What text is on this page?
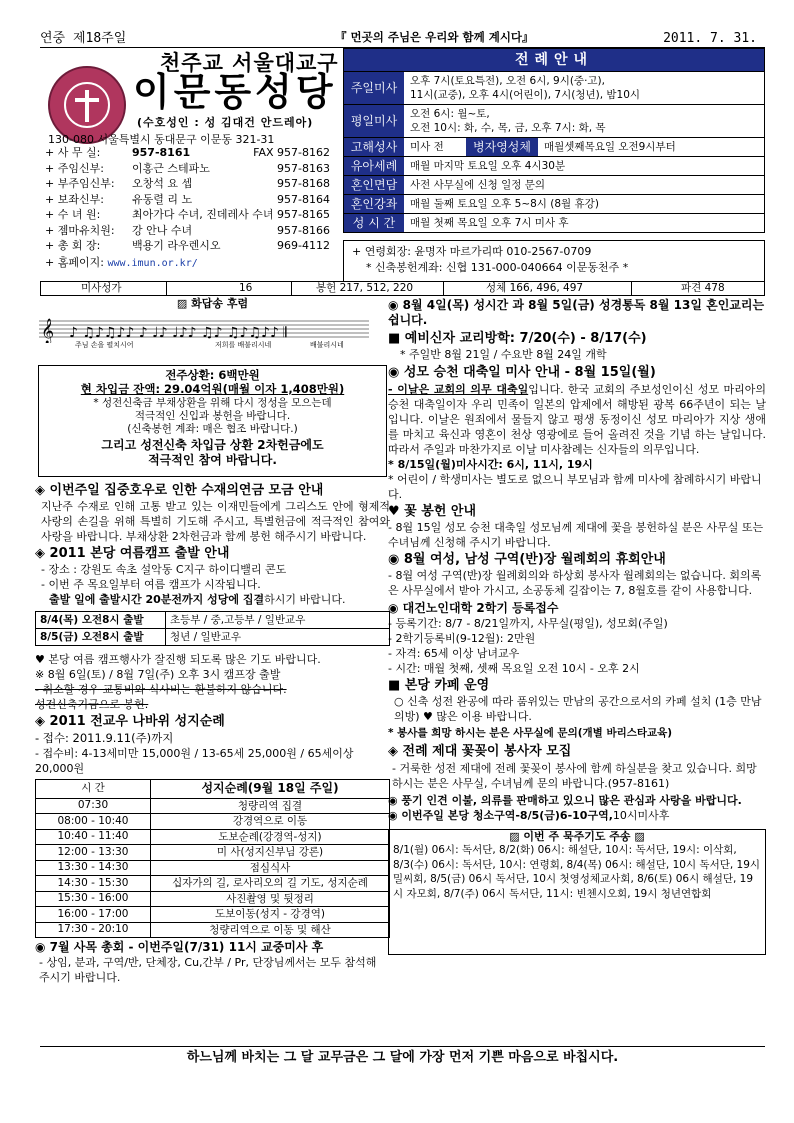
연중 제18주일	『 먼곳의 주님은 우리와 함께 계시다』	2011. 7. 31.
천주교 서울대교구
이문동성당
(수호성인 : 성 김대건 안드레아)
130-080 서울특별시 동대문구 이문동 321-31
+ 사 무 실:	957-8161	FAX 957-8162
+ 주임신부:	이홍근 스테파노	957-8163
+ 부주임신부: 오창석 요 셉	957-8168
+ 보좌신부:	유동렬 리 노	957-8164
+ 수 녀 원:	최아가다 수녀, 진데레사 수녀 957-8165
+ 젬마유치원: 강 안나 수녀	957-8166
+ 총 회 장:	백용기 라우렌시오	969-4112
+ 홈페이지: www.imun.or.kr/
전례안내
주일미사	오후 7시(토요특전), 오전 6시, 9시(중·고),
11시(교중), 오후 4시(어린이), 7시(청년), 밤10시
평일미사	오전 6시: 월~토,
오전 10시: 화, 수, 목, 금, 오후 7시: 화, 목
고해성사	미사 전	병자영성체	매월셋째목요일 오전9시부터
유아세례	매월 마지막 토요일 오후 4시30분
혼인면담	사전 사무실에 신청 일정 문의
혼인강좌	매월 둘째 토요일 오후 5~8시 (8월 휴강)
성 시 간	매월 첫째 목요일 오후 7시 미사 후
+ 연령회장: 윤명자 마르가리따 010-2567-0709
* 신축봉헌계좌: 신협 131-000-040664 이문동천주 *
미사성가	16	봉헌 217, 512, 220	성체 166, 496, 497	파견 478
▨ 화답송 후렴
𝄞 ♪ ♫♪♫♪♪ ♪ ♩♪ ♩♪♪ ♫♪ ♫♪♫♪♪ 𝄂
주님 손을 펼치시어	저희를 배불리시네	배불리시네
전주상환: 6백만원
현 차입금 잔액: 29.04억원(매월 이자 1,408만원)
* 성전신축금 부채상환을 위해 다시 정성을 모으는데
적극적인 신입과 봉헌을 바랍니다.
(신축봉헌 계좌: 매은 협조 바랍니다.)
그리고 성전신축 차입금 상환 2차헌금에도
적극적인 참여 바랍니다.
◈ 이번주일 집중호우로 인한 수재의연금 모금 안내
지난주 수재로 인해 고통 받고 있는 이재민들에게 그리스도 안에 형제적 사랑의 손길을 위해 특별히 기도해 주시고, 특별헌금에 적극적인 참여와 사랑을 바랍니다. 부채상환 2차헌금과 함께 봉헌 해주시기 바랍니다.
◈ 2011 본당 여름캠프 출발 안내
- 장소 : 강원도 속초 설악동 C지구 하이디밸리 콘도
- 이번 주 목요일부터 여름 캠프가 시작됩니다.
출발 일에 출발시간 20분전까지 성당에 집결하시기 바랍니다.
8/4(목) 오전8시 출발	초등부 / 중,고등부 / 일반교우
8/5(금) 오전8시 출발	청년 / 일반교우
♥ 본당 여름 캠프행사가 잘진행 되도록 많은 기도 바랍니다.
※ 8월 6일(토) / 8월 7일(주) 오후 3시 캠프장 출발
- 취소할 경우 교통비와 식사비는 환불하지 않습니다.
성전신축기금으로 봉헌.
◈ 2011 전교우 나바위 성지순례
- 접수: 2011.9.11(주)까지
- 접수비: 4-13세미만 15,000원 / 13-65세 25,000원 / 65세이상 20,000원
시 간	성지순례(9월 18일 주일)
07:30	청량리역 집결
08:00 - 10:40	강경역으로 이동
10:40 - 11:40	도보순례(강경역-성지)
12:00 - 13:30	미 사(성지신부님 강론)
13:30 - 14:30	점심식사
14:30 - 15:30	십자가의 길, 로사리오의 길 기도, 성지순례
15:30 - 16:00	사진촬영 및 뒷정리
16:00 - 17:00	도보이동(성지 - 강경역)
17:30 - 20:10	청량리역으로 이동 및 해산
◉ 7월 사목 총회 - 이번주일(7/31) 11시 교중미사 후
- 상임, 분과, 구역/반, 단체장, Cu,간부 / Pr, 단장님께서는 모두 참석해 주시기 바랍니다.
◉ 8월 4일(목) 성시간 과 8월 5일(금) 성경통독 8월 13일 혼인교리는 쉽니다.
■ 예비신자 교리방학: 7/20(수) - 8/17(수)
* 주일반 8월 21일 / 수요반 8월 24일 개학
◉ 성모 승천 대축일 미사 안내 - 8월 15일(월)
- 이날은 교회의 의무 대축일입니다. 한국 교회의 주보성인이신 성모 마리아의 승천 대축일이자 우리 민족이 일본의 압제에서 해방된 광복 66주년이 되는 날입니다. 이날은 원죄에서 물들지 않고 평생 동정이신 성모 마리아가 지상 생애를 마치고 육신과 영혼이 천상 영광에로 들어 올려진 것을 기념 하는 날입니다. 따라서 주일과 마찬가지로 이날 미사참례는 신자들의 의무입니다.
* 8/15일(월)미사시간: 6시, 11시, 19시
* 어린이 / 학생미사는 별도로 없으니 부모님과 함께 미사에 참례하시기 바랍니다.
♥ 꽃 봉헌 안내
- 8월 15일 성모 승천 대축일 성모님께 제대에 꽃을 봉헌하실 분은 사무실 또는 수녀님께 신청해 주시기 바랍니다.
◉ 8월 여성, 남성 구역(반)장 월례회의 휴회안내
- 8월 여성 구역(반)장 월례회의와 하상회 봉사자 월례회의는 없습니다. 회의록은 사무실에서 받아 가시고, 소공동체 길잡이는 7, 8월호를 같이 사용합니다.
◉ 대건노인대학 2학기 등록접수
- 등록기간: 8/7 - 8/21일까지, 사무실(평일), 성모회(주일)
- 2학기등록비(9-12월): 2만원
- 자격: 65세 이상 남녀교우
- 시간: 매월 첫째, 셋째 목요일 오전 10시 - 오후 2시
■ 본당 카페 운영
○ 신축 성전 완공에 따라 품위있는 만남의 공간으로서의 카페 설치 (1층 만남의방) ♥ 많은 이용 바랍니다.
* 봉사를 희망 하시는 분은 사무실에 문의(개별 바리스타교육)
◈ 전례 제대 꽃꽂이 봉사자 모집
- 거룩한 성전 제대에 전례 꽃꽂이 봉사에 함께 하실분을 찾고 있습니다. 희망 하시는 분은 사무실, 수녀님께 문의 바랍니다.(957-8161)
◉ 풍기 인견 이불, 의류를 판매하고 있으니 많은 관심과 사랑을 바랍니다.
◉ 이번주일 본당 청소구역-8/5(금)6-10구역,10시미사후
▨ 이번 주 묵주기도 주송 ▨
8/1(월) 06시: 독서단, 8/2(화) 06시: 해설단, 10시: 독서단, 19시: 이삭회, 8/3(수) 06시: 독서단, 10시: 연령회, 8/4(목) 06시: 해설단, 10시 독서단, 19시 밀씨회, 8/5(금) 06시 독서단, 10시 첫영성체교사회, 8/6(토) 06시 해설단, 19시 자모회, 8/7(주) 06시 독서단, 11시: 빈첸시오회, 19시 청년연합회
하느님께 바치는 그 달 교무금은 그 달에 가장 먼저 기쁜 마음으로 바칩시다.
